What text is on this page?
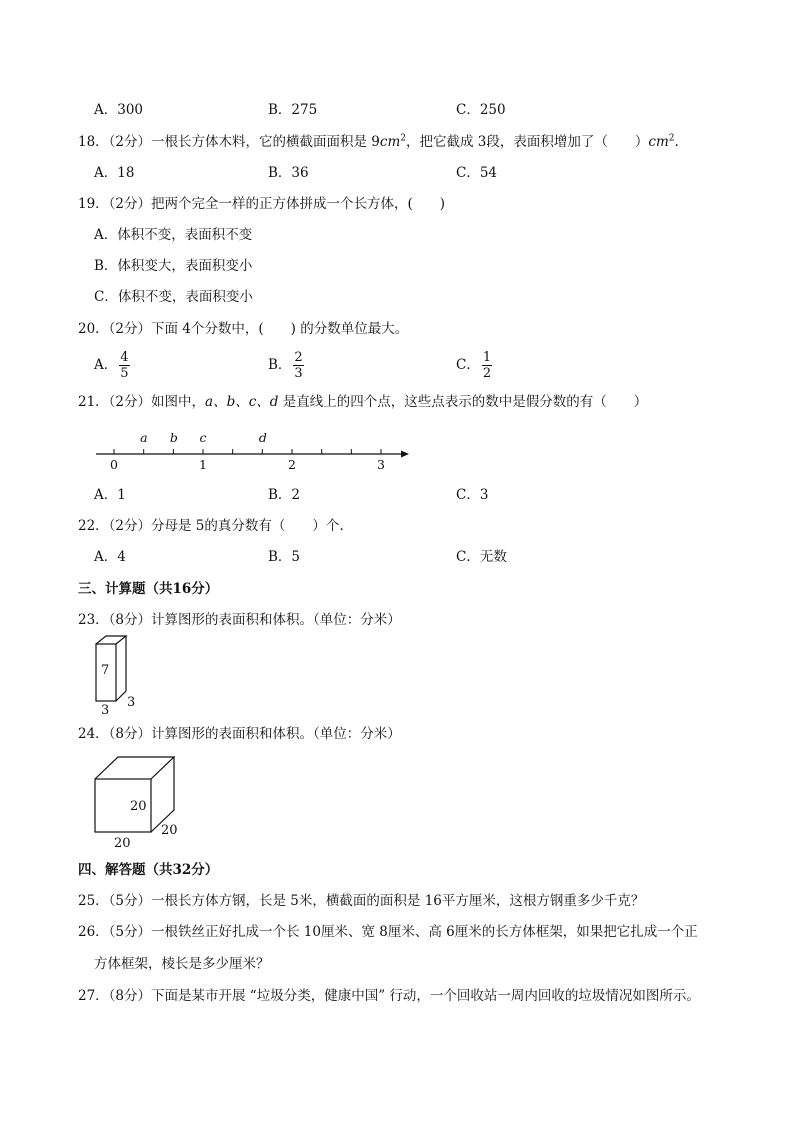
A．300	B．275	C．250
18．（2分）一根长方体木料，它的横截面面积是 $9cm^2$，把它截成 3段，表面积增加了（　　）$cm^2$.
A．18	B．36	C．54
19．（2分）把两个完全一样的正方体拼成一个长方体，(　　)
A．体积不变，表面积不变
B．体积变大，表面积变小
C．体积不变，表面积变小
20．（2分）下面 4个分数中，(　　) 的分数单位最大。
A． $\frac{4}{5}$	B． $\frac{2}{3}$	C． $\frac{1}{2}$
21．（2分）如图中，a、b、c、d 是直线上的四个点，这些点表示的数中是假分数的有（　　）
0	1	2	3
a b c	d
A．1	B．2	C．3
22．（2分）分母是 5的真分数有（　　）个.
A．4	B．5	C．无数
三、计算题（共16分）
23．（8分）计算图形的表面积和体积。（单位：分米）
7
3
3
24．（8分）计算图形的表面积和体积。（单位：分米）
20
20
20
四、解答题（共32分）
25．（5分）一根长方体方钢，长是 5米，横截面的面积是 16平方厘米，这根方钢重多少千克？
26．（5分）一根铁丝正好扎成一个长 10厘米、宽 8厘米、高 6厘米的长方体框架，如果把它扎成一个正
方体框架，棱长是多少厘米？
27．（8分）下面是某市开展 “垃圾分类，健康中国” 行动，一个回收站一周内回收的垃圾情况如图所示。
